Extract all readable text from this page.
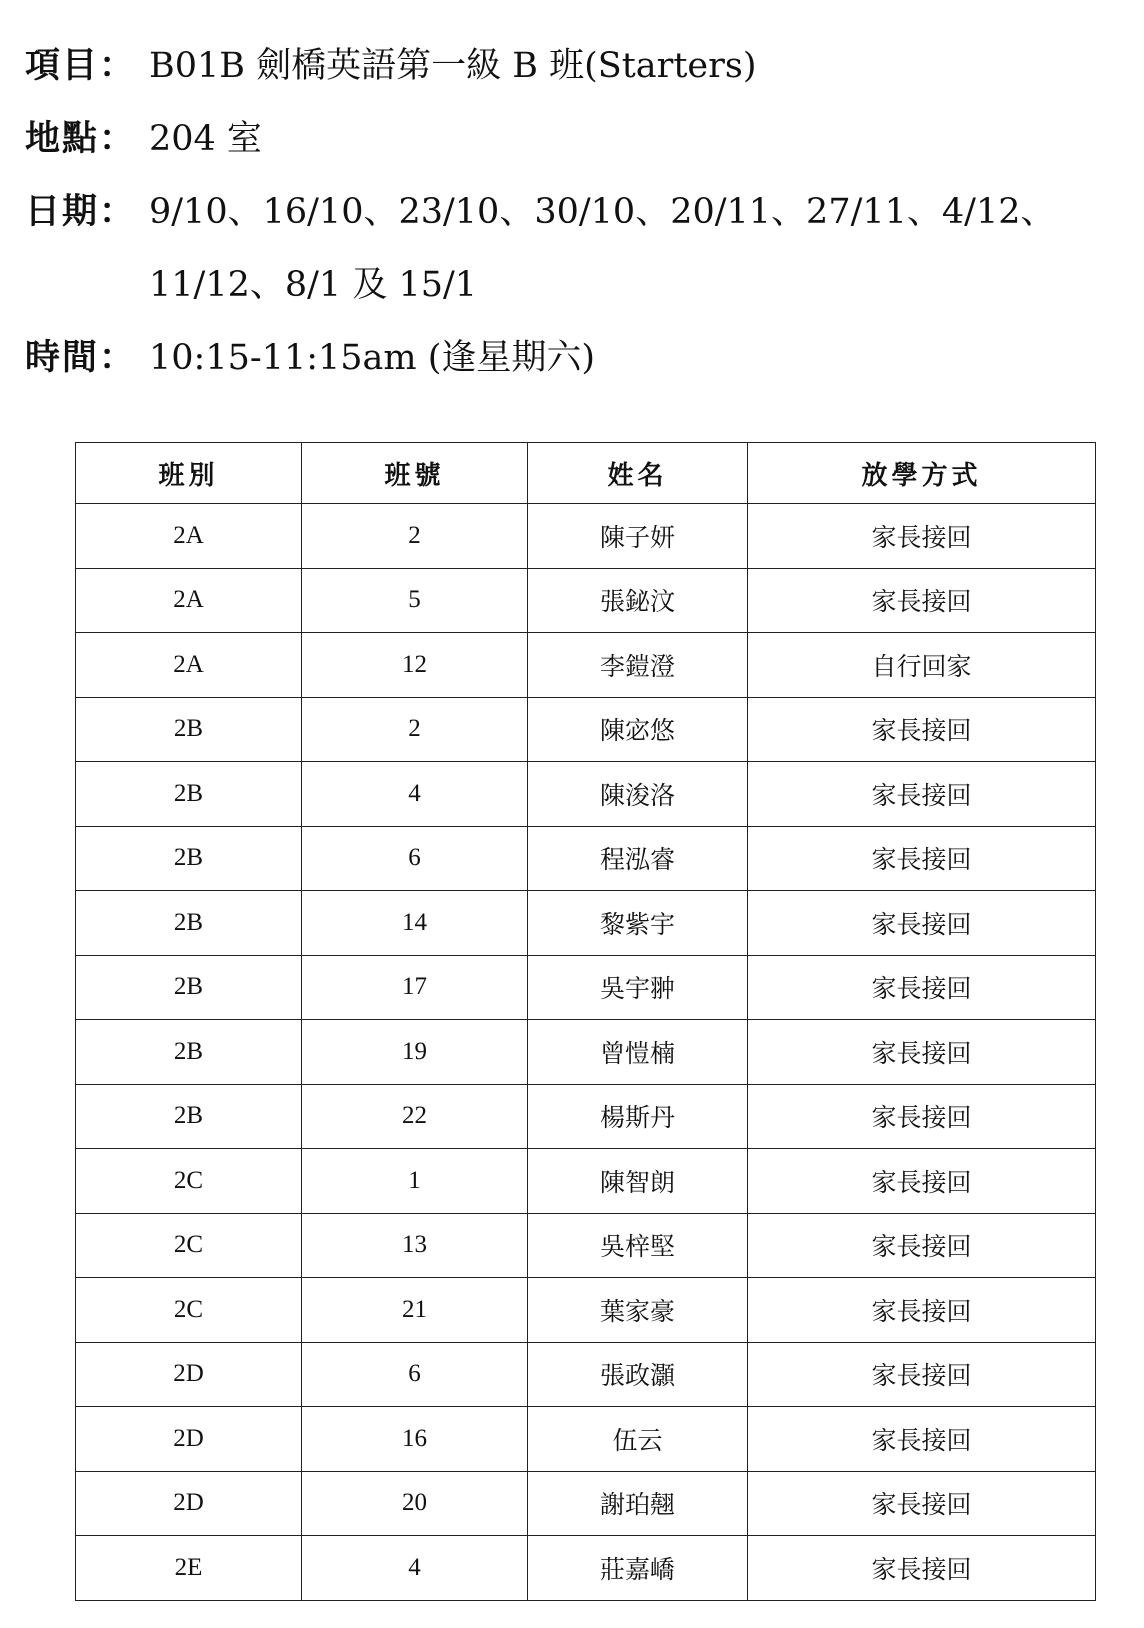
項目： B01B 劍橋英語第一級 B 班(Starters)
地點： 204 室
日期： 9/10、16/10、23/10、30/10、20/11、27/11、4/12、
11/12、8/1 及 15/1
時間： 10:15-11:15am (逢星期六)
班別	班號	姓名	放學方式
2A	2	陳子妍	家長接回
2A	5	張鉍汶	家長接回
2A	12	李鎧澄	自行回家
2B	2	陳宓悠	家長接回
2B	4	陳浚洛	家長接回
2B	6	程泓睿	家長接回
2B	14	黎紫宇	家長接回
2B	17	吳宇翀	家長接回
2B	19	曾愷楠	家長接回
2B	22	楊斯丹	家長接回
2C	1	陳智朗	家長接回
2C	13	吳梓堅	家長接回
2C	21	葉家豪	家長接回
2D	6	張政灝	家長接回
2D	16	伍云	家長接回
2D	20	謝珀翹	家長接回
2E	4	莊嘉嶠	家長接回
